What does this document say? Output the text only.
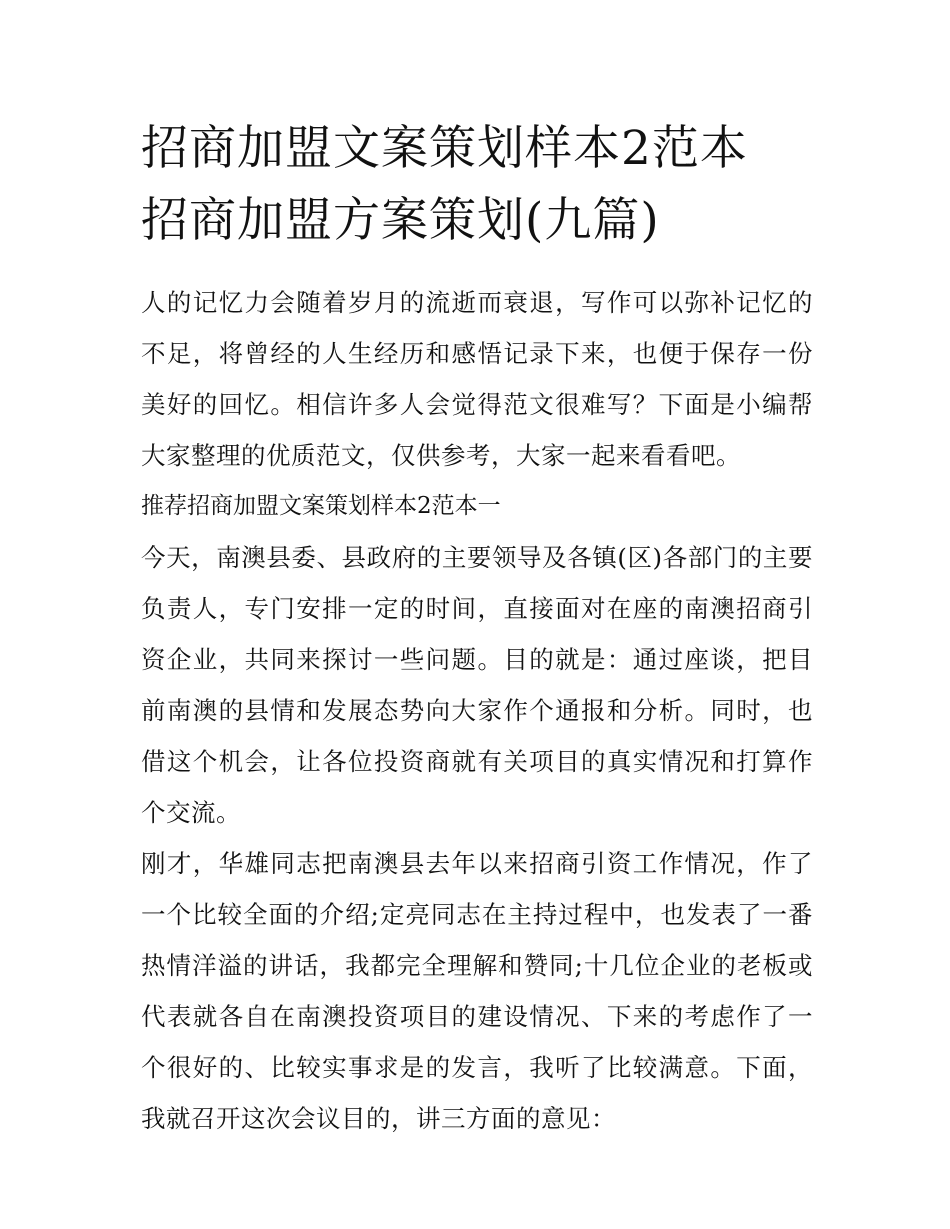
招商加盟文案策划样本2范本
招商加盟方案策划(九篇)

人的记忆力会随着岁月的流逝而衰退，写作可以弥补记忆的不足，将曾经的人生经历和感悟记录下来，也便于保存一份美好的回忆。相信许多人会觉得范文很难写？下面是小编帮大家整理的优质范文，仅供参考，大家一起来看看吧。

推荐招商加盟文案策划样本2范本一

今天，南澳县委、县政府的主要领导及各镇(区)各部门的主要负责人，专门安排一定的时间，直接面对在座的南澳招商引资企业，共同来探讨一些问题。目的就是：通过座谈，把目前南澳的县情和发展态势向大家作个通报和分析。同时，也借这个机会，让各位投资商就有关项目的真实情况和打算作个交流。

刚才，华雄同志把南澳县去年以来招商引资工作情况，作了一个比较全面的介绍;定亮同志在主持过程中，也发表了一番热情洋溢的讲话，我都完全理解和赞同;十几位企业的老板或代表就各自在南澳投资项目的建设情况、下来的考虑作了一个很好的、比较实事求是的发言，我听了比较满意。下面，我就召开这次会议目的，讲三方面的意见：
